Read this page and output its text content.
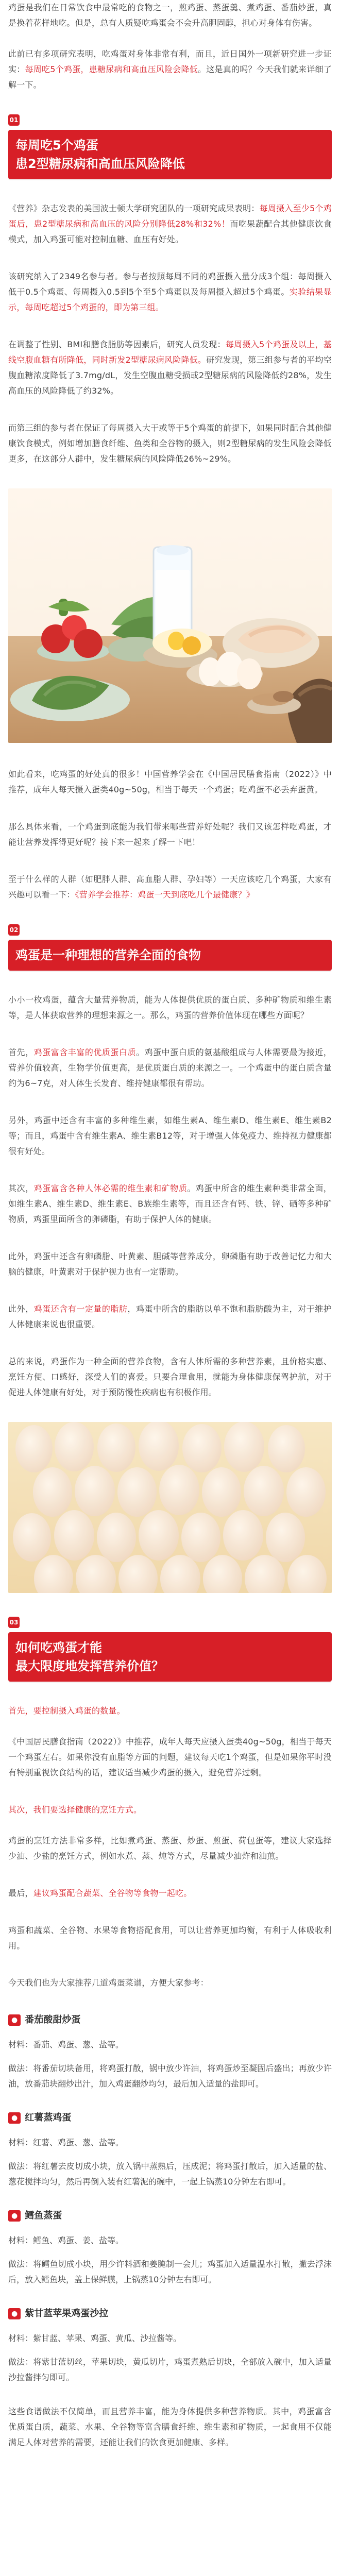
鸡蛋是我们在日常饮食中最常吃的食物之一，煎鸡蛋、蒸蛋羹、煮鸡蛋、番茄炒蛋，真是换着花样地吃。但是，总有人质疑吃鸡蛋会不会升高胆固醇，担心对身体有伤害。

此前已有多项研究表明，吃鸡蛋对身体非常有利，而且，近日国外一项新研究进一步证实：每周吃5个鸡蛋，患糖尿病和高血压风险会降低。这是真的吗？今天我们就来详细了解一下。

01
每周吃5个鸡蛋
患2型糖尿病和高血压风险降低

《营养》杂志发表的美国波士顿大学研究团队的一项研究成果表明：每周摄入至少5个鸡蛋后，患2型糖尿病和高血压的风险分别降低28%和32%！而吃果蔬配合其他健康饮食模式，加入鸡蛋可能对控制血糖、血压有好处。

该研究纳入了2349名参与者。参与者按照每周不同的鸡蛋摄入量分成3个组：每周摄入低于0.5个鸡蛋、每周摄入0.5到5个至5个鸡蛋以及每周摄入超过5个鸡蛋。实验结果显示，每周吃超过5个鸡蛋的，即为第三组。

在调整了性别、BMI和膳食脂肪等因素后，研究人员发现：每周摄入5个鸡蛋及以上，基线空腹血糖有所降低，同时新发2型糖尿病风险降低。研究发现，第三组参与者的平均空腹血糖浓度降低了3.7mg/dL，发生空腹血糖受损或2型糖尿病的风险降低约28%，发生高血压的风险降低了约32%。

而第三组的参与者在保证了每周摄入大于或等于5个鸡蛋的前提下，如果同时配合其他健康饮食模式，例如增加膳食纤维、鱼类和全谷物的摄入，则2型糖尿病的发生风险会降低更多，在这部分人群中，发生糖尿病的风险降低26%~29%。

如此看来，吃鸡蛋的好处真的很多！中国营养学会在《中国居民膳食指南（2022）》中推荐，成年人每天摄入蛋类40g~50g，相当于每天一个鸡蛋；吃鸡蛋不必丢弃蛋黄。

那么具体来看，一个鸡蛋到底能为我们带来哪些营养好处呢？我们又该怎样吃鸡蛋，才能让营养发挥得更好呢？接下来一起来了解一下吧！

至于什么样的人群（如肥胖人群、高血脂人群、孕妇等）一天应该吃几个鸡蛋，大家有兴趣可以看一下：《营养学会推荐：鸡蛋一天到底吃几个最健康？》

02
鸡蛋是一种理想的营养全面的食物

小小一枚鸡蛋，蕴含大量营养物质，能为人体提供优质的蛋白质、多种矿物质和维生素等，是人体获取营养的理想来源之一。那么，鸡蛋的营养价值体现在哪些方面呢？

首先，鸡蛋富含丰富的优质蛋白质。鸡蛋中蛋白质的氨基酸组成与人体需要最为接近，营养价值较高，生物学价值更高，是优质蛋白质的来源之一。一个鸡蛋中的蛋白质含量约为6~7克，对人体生长发育、维持健康都很有帮助。

另外，鸡蛋中还含有丰富的多种维生素，如维生素A、维生素D、维生素E、维生素B2等；而且，鸡蛋中含有维生素A、维生素B12等，对于增强人体免疫力、维持视力健康都很有好处。

其次，鸡蛋富含各种人体必需的维生素和矿物质。鸡蛋中所含的维生素种类非常全面，如维生素A、维生素D、维生素E、B族维生素等，而且还含有钙、铁、锌、硒等多种矿物质，鸡蛋里面所含的卵磷脂，有助于保护人体的健康。

此外，鸡蛋中还含有卵磷脂、叶黄素、胆碱等营养成分，卵磷脂有助于改善记忆力和大脑的健康，叶黄素对于保护视力也有一定帮助。

此外，鸡蛋还含有一定量的脂肪，鸡蛋中所含的脂肪以单不饱和脂肪酸为主，对于维护人体健康来说也很重要。

总的来说，鸡蛋作为一种全面的营养食物，含有人体所需的多种营养素，且价格实惠、烹饪方便、口感好，深受人们的喜爱。只要合理食用，就能为身体健康保驾护航，对于促进人体健康有好处，对于预防慢性疾病也有积极作用。

03
如何吃鸡蛋才能
最大限度地发挥营养价值？

首先，要控制摄入鸡蛋的数量。

《中国居民膳食指南（2022）》中推荐，成年人每天应摄入蛋类40g~50g，相当于每天一个鸡蛋左右。如果你没有血脂等方面的问题，建议每天吃1个鸡蛋，但是如果你平时没有特别重视饮食结构的话，建议适当减少鸡蛋的摄入，避免营养过剩。

其次，我们要选择健康的烹饪方式。

鸡蛋的烹饪方法非常多样，比如煮鸡蛋、蒸蛋、炒蛋、煎蛋、荷包蛋等，建议大家选择少油、少盐的烹饪方式，例如水煮、蒸、炖等方式，尽量减少油炸和油煎。

最后，建议鸡蛋配合蔬菜、全谷物等食物一起吃。

鸡蛋和蔬菜、全谷物、水果等食物搭配食用，可以让营养更加均衡，有利于人体吸收利用。

今天我们也为大家推荐几道鸡蛋菜谱，方便大家参考：

● 番茄酸甜炒蛋

材料：番茄、鸡蛋、葱、盐等。

做法：将番茄切块备用，将鸡蛋打散，锅中放少许油，将鸡蛋炒至凝固后盛出；再放少许油，放番茄块翻炒出汁，加入鸡蛋翻炒均匀，最后加入适量的盐即可。

● 红薯蒸鸡蛋

材料：红薯、鸡蛋、葱、盐等。

做法：将红薯去皮切成小块，放入锅中蒸熟后，压成泥；将鸡蛋打散后，加入适量的盐、葱花搅拌均匀，然后再倒入装有红薯泥的碗中，一起上锅蒸10分钟左右即可。

● 鳕鱼蒸蛋

材料：鳕鱼、鸡蛋、姜、盐等。

做法：将鳕鱼切成小块，用少许料酒和姜腌制一会儿；鸡蛋加入适量温水打散，撇去浮沫后，放入鳕鱼块，盖上保鲜膜，上锅蒸10分钟左右即可。

● 紫甘蓝苹果鸡蛋沙拉

材料：紫甘蓝、苹果、鸡蛋、黄瓜、沙拉酱等。

做法：将紫甘蓝切丝，苹果切块，黄瓜切片，鸡蛋煮熟后切块，全部放入碗中，加入适量沙拉酱拌匀即可。

这些食谱做法不仅简单，而且营养丰富，能为身体提供多种营养物质。其中，鸡蛋富含优质蛋白质，蔬菜、水果、全谷物等富含膳食纤维、维生素和矿物质，一起食用不仅能满足人体对营养的需要，还能让我们的饮食更加健康、多样。
